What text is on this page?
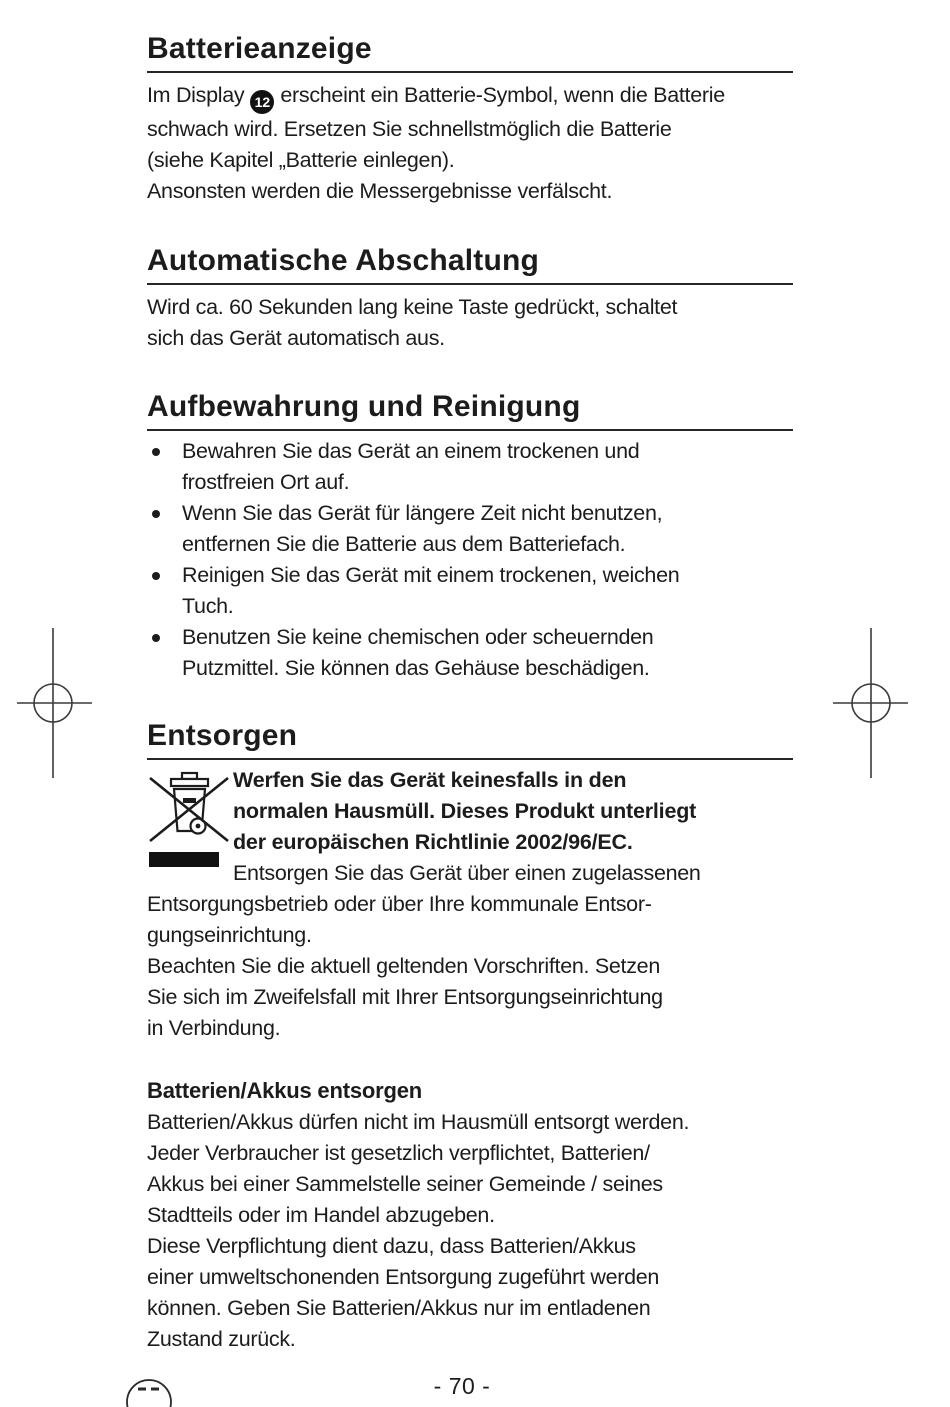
Batterieanzeige

Im Display 12 erscheint ein Batterie-Symbol, wenn die Batterie
schwach wird. Ersetzen Sie schnellstmöglich die Batterie
(siehe Kapitel „Batterie einlegen).
Ansonsten werden die Messergebnisse verfälscht.

Automatische Abschaltung

Wird ca. 60 Sekunden lang keine Taste gedrückt, schaltet
sich das Gerät automatisch aus.

Aufbewahrung und Reinigung
Bewahren Sie das Gerät an einem trockenen und
frostfreien Ort auf.
Wenn Sie das Gerät für längere Zeit nicht benutzen,
entfernen Sie die Batterie aus dem Batteriefach.
Reinigen Sie das Gerät mit einem trockenen, weichen
Tuch.
Benutzen Sie keine chemischen oder scheuernden
Putzmittel. Sie können das Gehäuse beschädigen.
Entsorgen
Werfen Sie das Gerät keinesfalls in den
normalen Hausmüll. Dieses Produkt unterliegt
der europäischen Richtlinie 2002/96/EC.
Entsorgen Sie das Gerät über einen zugelassenen
Entsorgungsbetrieb oder über Ihre kommunale Entsor-
gungseinrichtung.
Beachten Sie die aktuell geltenden Vorschriften. Setzen
Sie sich im Zweifelsfall mit Ihrer Entsorgungseinrichtung
in Verbindung.
Batterien/Akkus entsorgen

Batterien/Akkus dürfen nicht im Hausmüll entsorgt werden.
Jeder Verbraucher ist gesetzlich verpflichtet, Batterien/
Akkus bei einer Sammelstelle seiner Gemeinde / seines
Stadtteils oder im Handel abzugeben.
Diese Verpflichtung dient dazu, dass Batterien/Akkus
einer umweltschonenden Entsorgung zugeführt werden
können. Geben Sie Batterien/Akkus nur im entladenen
Zustand zurück.

- 70 -
